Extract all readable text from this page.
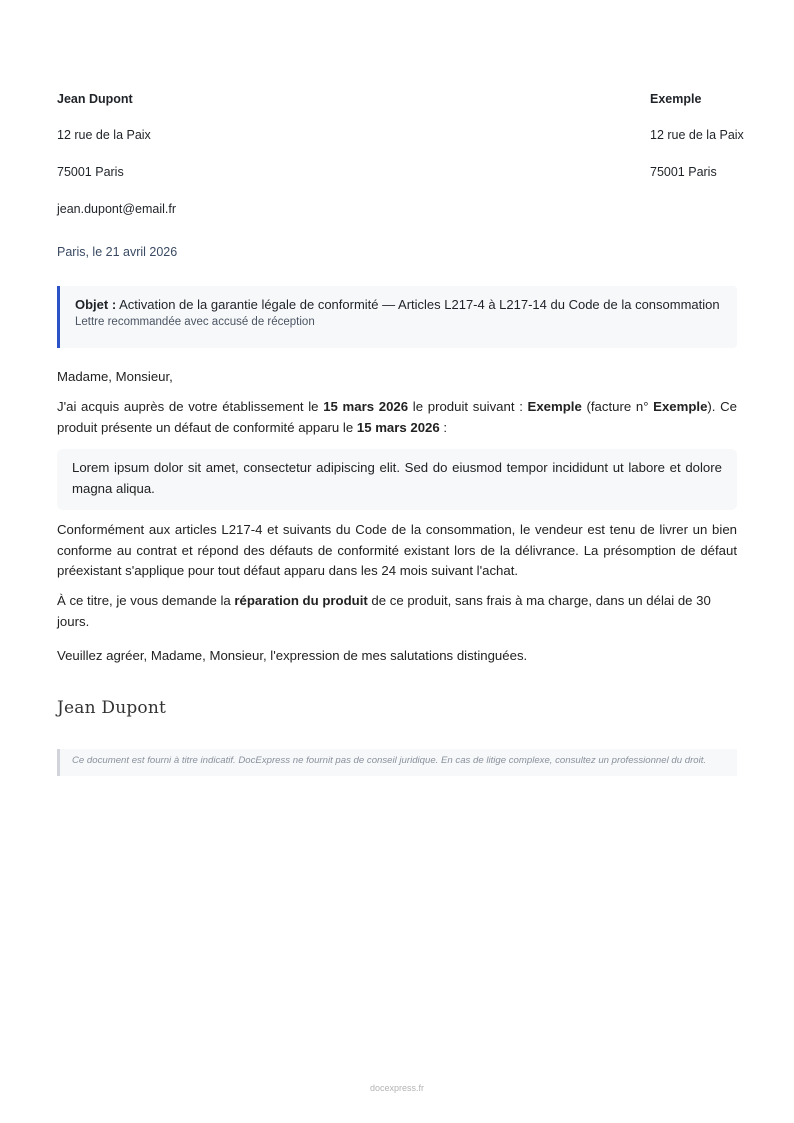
Jean Dupont
12 rue de la Paix
75001 Paris
jean.dupont@email.fr
Exemple
12 rue de la Paix
75001 Paris
Paris, le 21 avril 2026
Objet : Activation de la garantie légale de conformité — Articles L217-4 à L217-14 du Code de la consommation
Lettre recommandée avec accusé de réception
Madame, Monsieur,
J'ai acquis auprès de votre établissement le 15 mars 2026 le produit suivant : Exemple (facture n° Exemple). Ce produit présente un défaut de conformité apparu le 15 mars 2026 :
Lorem ipsum dolor sit amet, consectetur adipiscing elit. Sed do eiusmod tempor incididunt ut labore et dolore magna aliqua.
Conformément aux articles L217-4 et suivants du Code de la consommation, le vendeur est tenu de livrer un bien conforme au contrat et répond des défauts de conformité existant lors de la délivrance. La présomption de défaut préexistant s'applique pour tout défaut apparu dans les 24 mois suivant l'achat.
À ce titre, je vous demande la réparation du produit de ce produit, sans frais à ma charge, dans un délai de 30 jours.
Veuillez agréer, Madame, Monsieur, l'expression de mes salutations distinguées.
Jean Dupont
Ce document est fourni à titre indicatif. DocExpress ne fournit pas de conseil juridique. En cas de litige complexe, consultez un professionnel du droit.
docexpress.fr
